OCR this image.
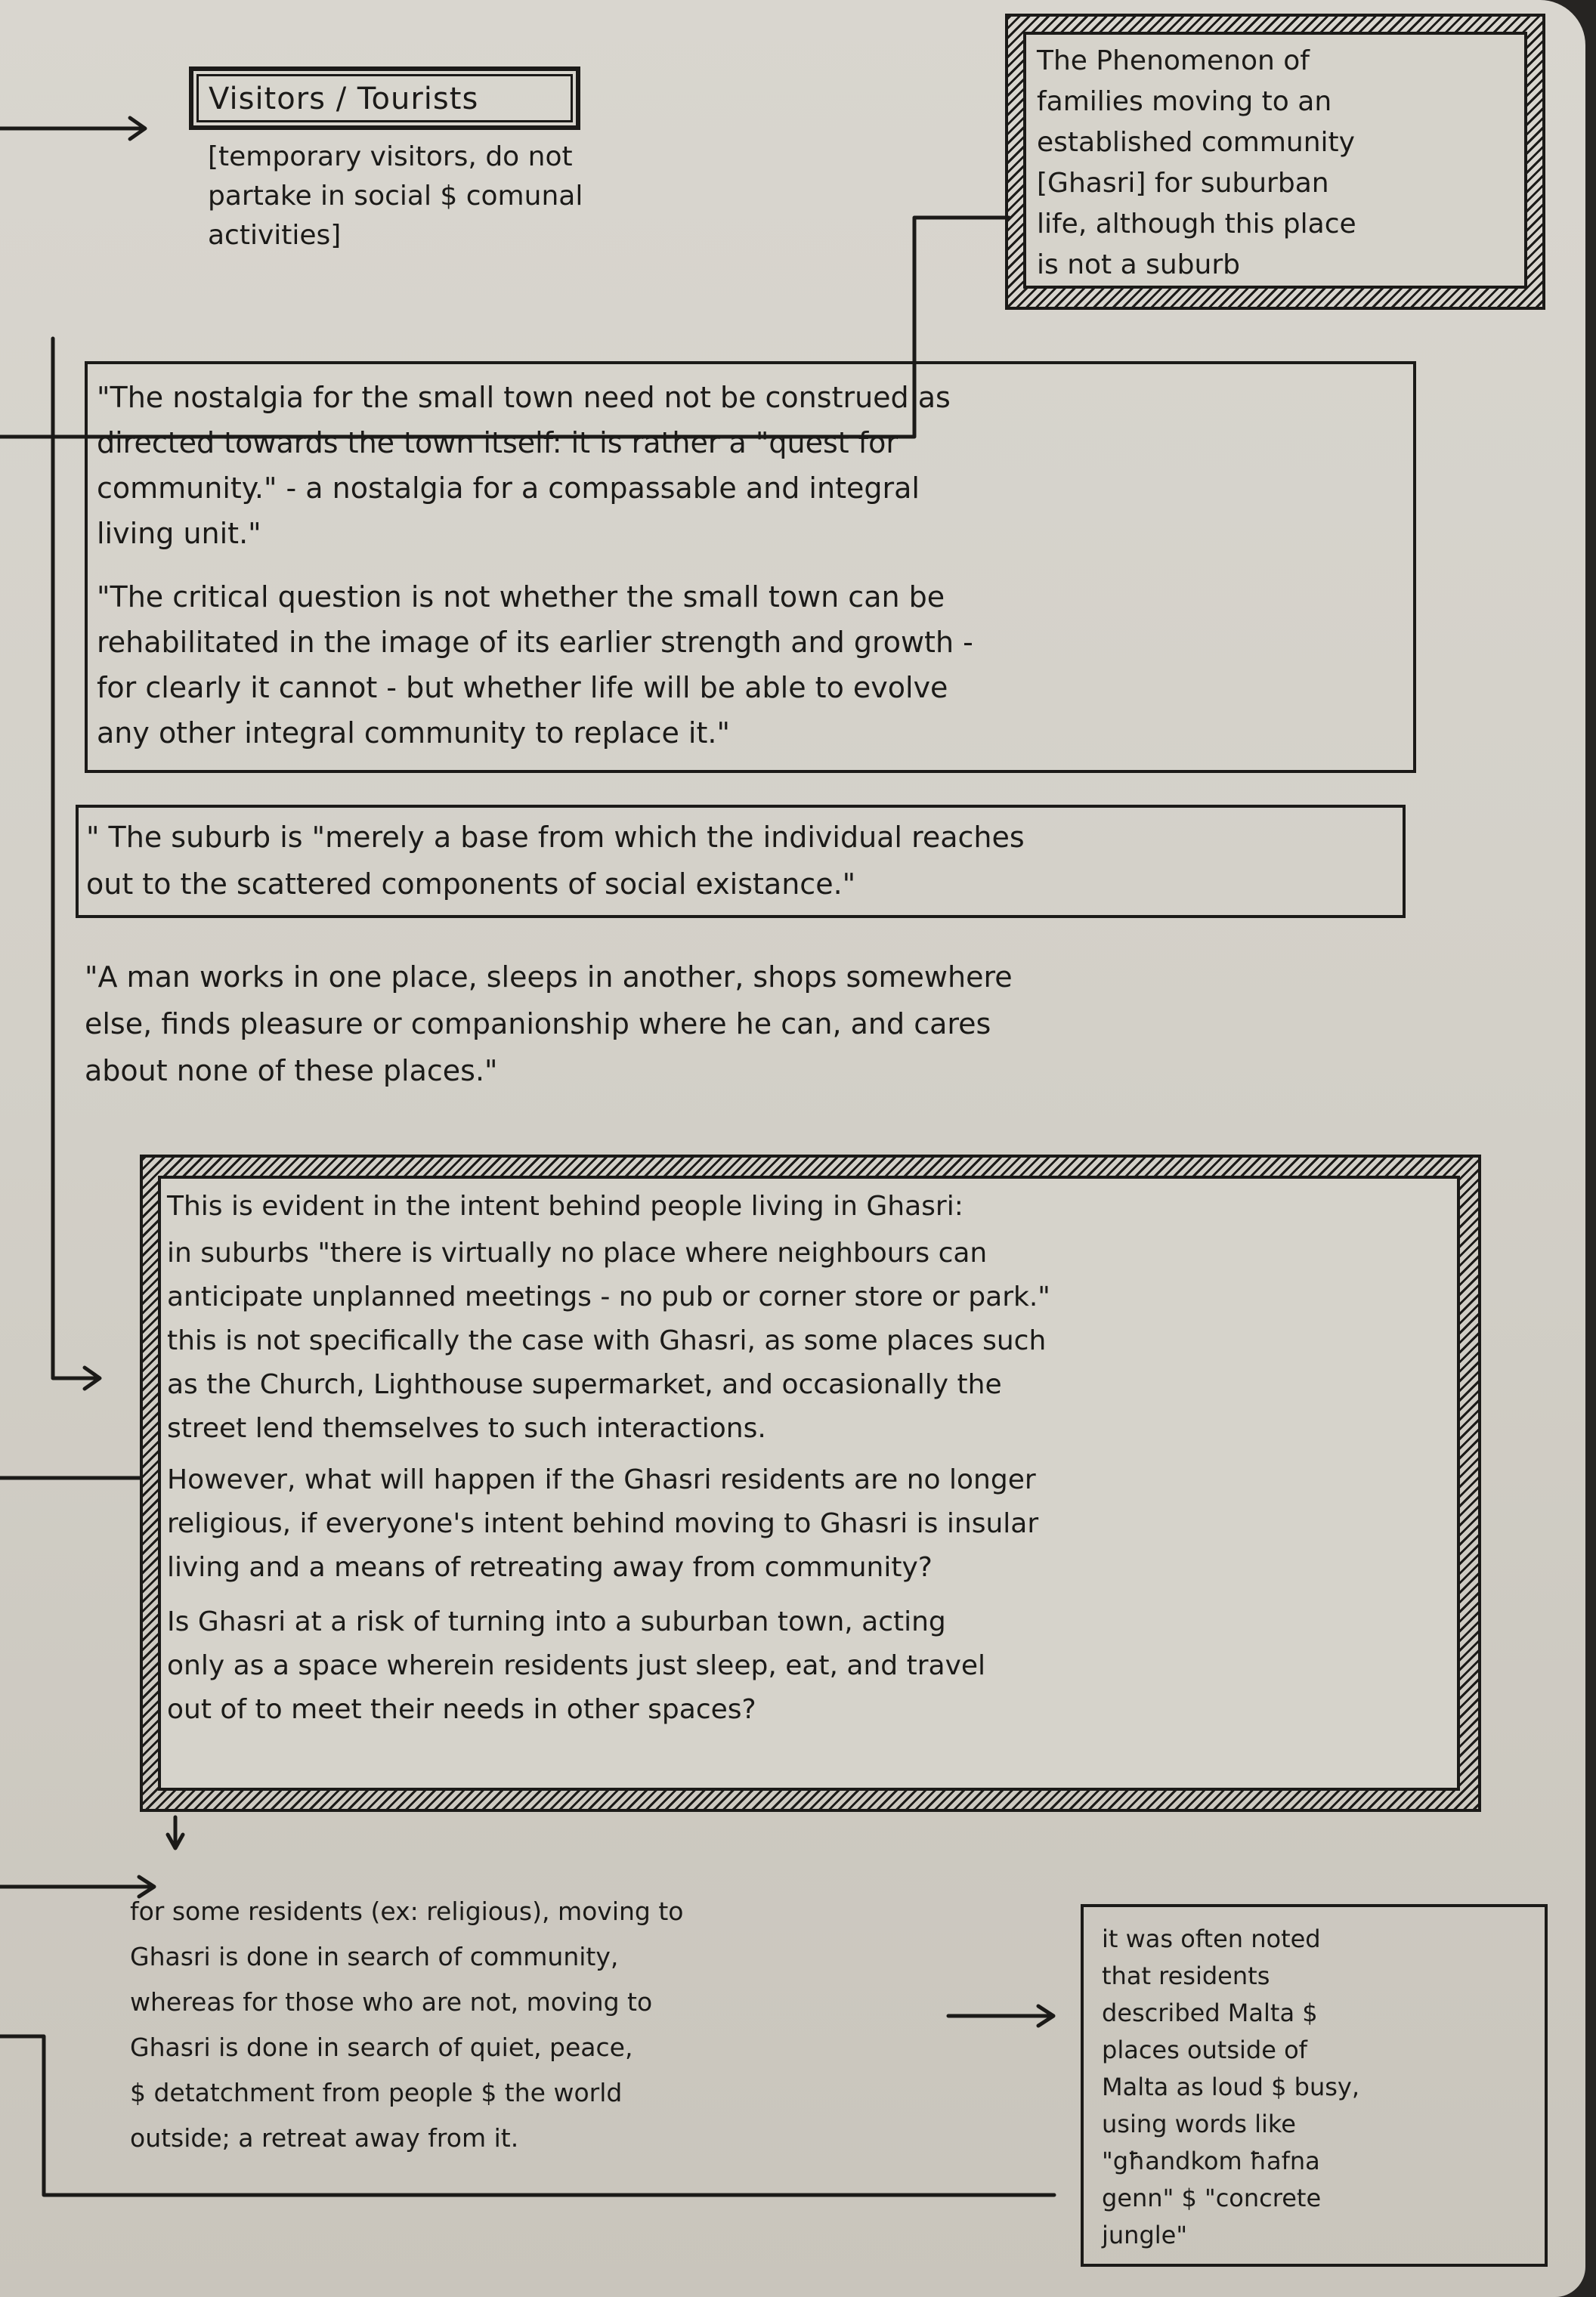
Visitors / Tourists

[temporary visitors, do not
partake in social $ comunal
activities]

The Phenomenon of
families moving to an
established community
[Ghasri] for suburban
life, although this place
is not a suburb

"The nostalgia for the small town need not be construed as
directed towards the town itself: it is rather a "quest for
community." - a nostalgia for a compassable and integral
living unit."

"The critical question is not whether the small town can be
rehabilitated in the image of its earlier strength and growth -
for clearly it cannot - but whether life will be able to evolve
any other integral community to replace it."

" The suburb is "merely a base from which the individual reaches
out to the scattered components of social existance."

"A man works in one place, sleeps in another, shops somewhere
else, finds pleasure or companionship where he can, and cares
about none of these places."

This is evident in the intent behind people living in Ghasri:

in suburbs "there is virtually no place where neighbours can
anticipate unplanned meetings - no pub or corner store or park."
this is not specifically the case with Ghasri, as some places such
as the Church, Lighthouse supermarket, and occasionally the
street lend themselves to such interactions.

However, what will happen if the Ghasri residents are no longer
religious, if everyone's intent behind moving to Ghasri is insular
living and a means of retreating away from community?

Is Ghasri at a risk of turning into a suburban town, acting
only as a space wherein residents just sleep, eat, and travel
out of to meet their needs in other spaces?

for some residents (ex: religious), moving to
Ghasri is done in search of community,
whereas for those who are not, moving to
Ghasri is done in search of quiet, peace,
$ detatchment from people $ the world
outside; a retreat away from it.

it was often noted
that residents
described Malta $
places outside of
Malta as loud $ busy,
using words like
"għandkom ħafna
genn" $ "concrete
jungle"
